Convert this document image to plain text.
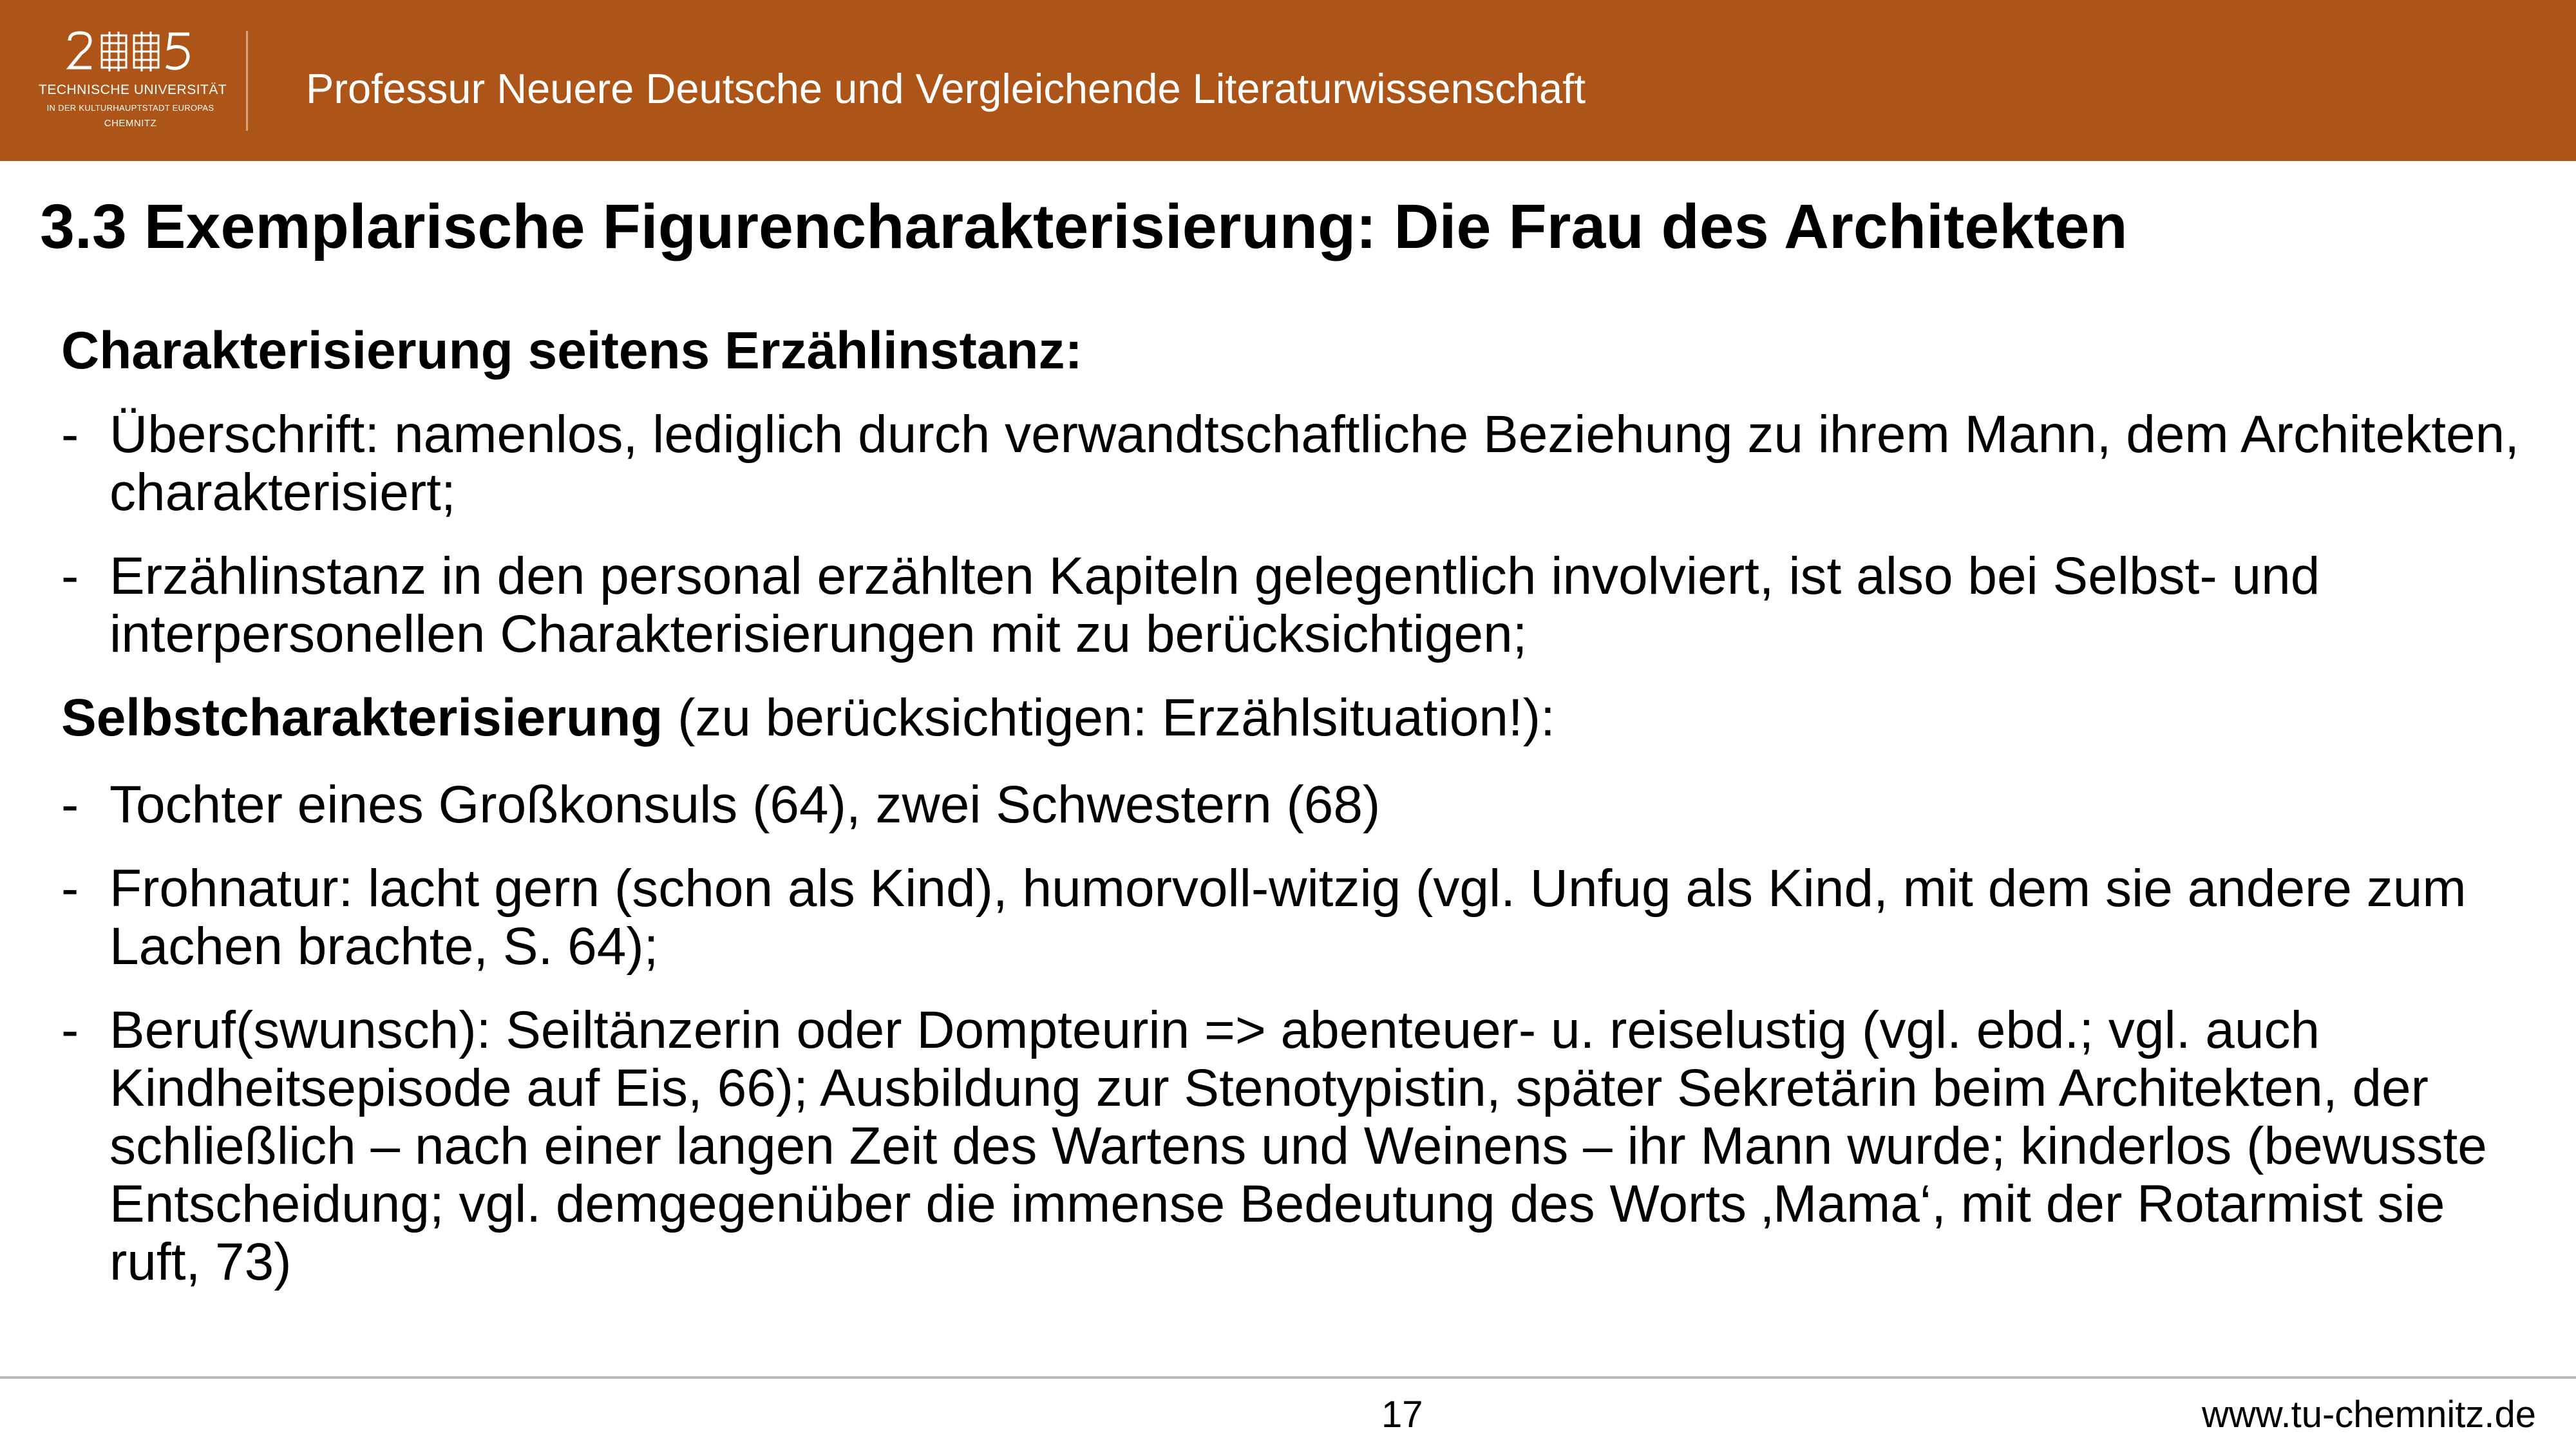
TECHNISCHE UNIVERSITÄT
IN DER KULTURHAUPTSTADT EUROPAS
CHEMNITZ
Professur Neuere Deutsche und Vergleichende Literaturwissenschaft
3.3 Exemplarische Figurencharakterisierung: Die Frau des Architekten
Charakterisierung seitens Erzählinstanz:
- Überschrift: namenlos, lediglich durch verwandtschaftliche Beziehung zu ihrem Mann, dem Architekten, charakterisiert;
- Erzählinstanz in den personal erzählten Kapiteln gelegentlich involviert, ist also bei Selbst- und interpersonellen Charakterisierungen mit zu berücksichtigen;
Selbstcharakterisierung (zu berücksichtigen: Erzählsituation!):
- Tochter eines Großkonsuls (64), zwei Schwestern (68)
- Frohnatur: lacht gern (schon als Kind), humorvoll-witzig (vgl. Unfug als Kind, mit dem sie andere zum Lachen brachte, S. 64);
- Beruf(swunsch): Seiltänzerin oder Dompteurin => abenteuer- u. reiselustig (vgl. ebd.; vgl. auch Kindheitsepisode auf Eis, 66); Ausbildung zur Stenotypistin, später Sekretärin beim Architekten, der schließlich – nach einer langen Zeit des Wartens und Weinens – ihr Mann wurde; kinderlos (bewusste Entscheidung; vgl. demgegenüber die immense Bedeutung des Worts ‚Mama‘, mit der Rotarmist sie ruft, 73)
17	www.tu-chemnitz.de
